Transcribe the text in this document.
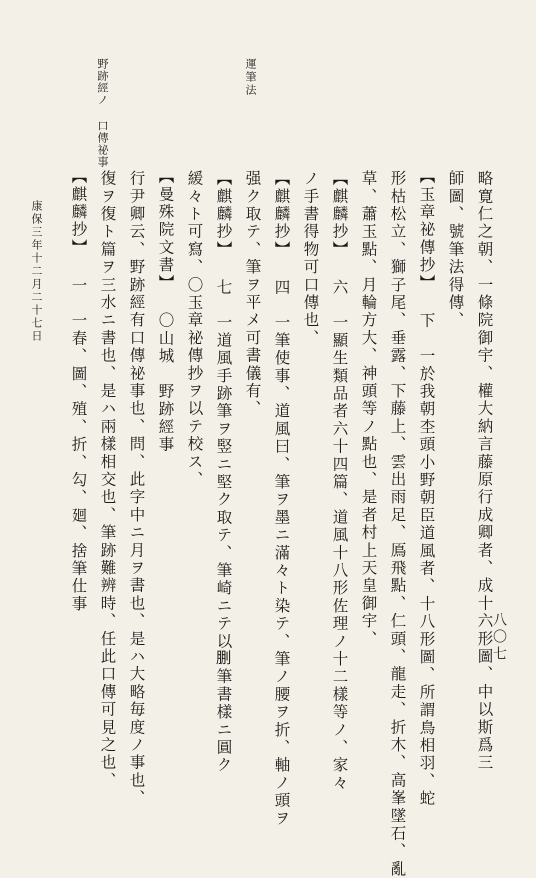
野跡經ノ 口傳祕事
運筆法
略寛仁之朝、一條院御宇、權大納言藤原行成卿者、成十六形圖、中以斯爲三
師圖、號筆法得傳、
【玉章祕傳抄】 下　一於我朝杢頭小野朝臣道風者、十八形圖、所謂鳥相羽、蛇
形枯松立、獅子尾、垂露、下藤上、雲出雨足、鳫飛點、仁頭、龍走、折木、高峯墜石、亂
草、蕭玉點、月輪方大、神頭等ノ點也、是者村上天皇御宇、
【麒麟抄】 六　一顯生類品者六十四篇、道風十八形佐理ノ十二樣等ノ、家々
ノ手書得物可口傳也、
【麒麟抄】 四　一筆使事、道風曰、筆ヲ墨ニ滿々ト染テ、筆ノ腰ヲ折、軸ノ頭ヲ
强ク取テ、筆ヲ平メ可書儀有、
【麒麟抄】 七　一道風手跡筆ヲ竪ニ堅ク取テ、筆崎ニテ以𠜳筆書樣ニ圓ク
緩々ト可寫、〇玉章祕傳抄ヲ以テ校ス、
【曼殊院文書】 〇山城　野跡經事
行尹卿云、野跡經有口傳祕事也、問、此字中ニ月ヲ書也、是ハ大略毎度ノ事也、
復ヲ復ト篇ヲ三水ニ書也、是ハ兩樣相交也、筆跡難辨時、任此口傳可見之也、
【麒麟抄】 一　一春、圖、殖、折、勾、廻、捨筆仕事
康保三年十二月二十七日
八〇七
